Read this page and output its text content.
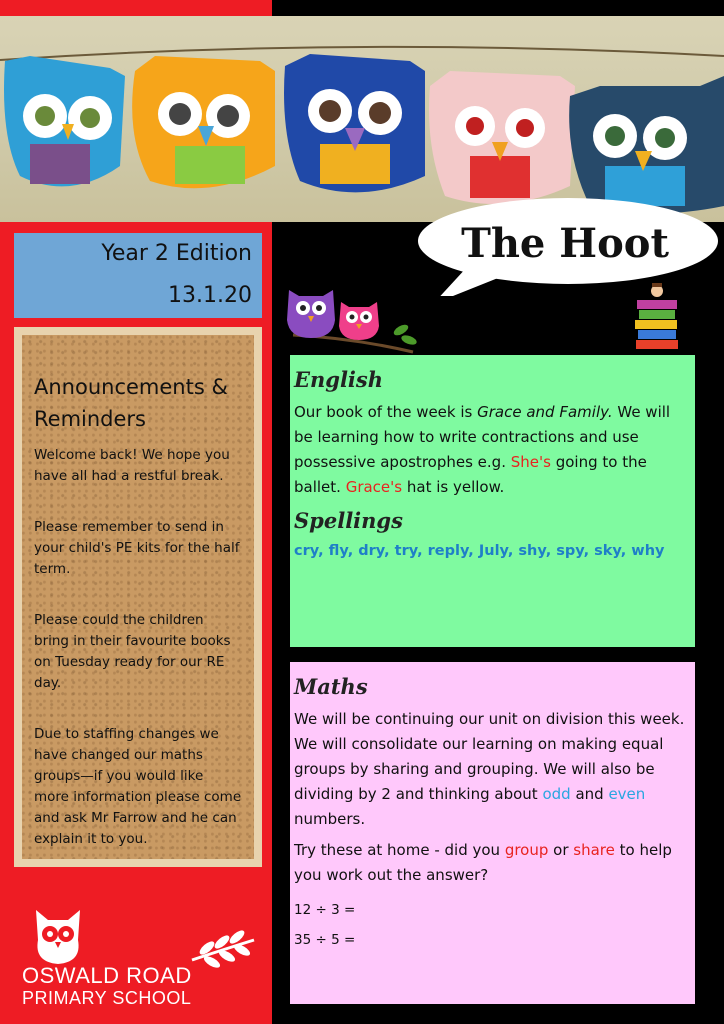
Year 2 Edition
13.1.20
Announcements & Reminders

Welcome back! We hope you have all had a restful break.

Please remember to send in your child's PE kits for the half term.

Please could the children bring in their favourite books on Tuesday ready for our RE day.

Due to staffing changes we have changed our maths groups—if you would like more information please come and ask Mr Farrow and he can explain it to you.

OSWALD ROAD
PRIMARY SCHOOL
The Hoot
English

Our book of the week is Grace and Family. We will be learning how to write contractions and use possessive apostrophes e.g. She's going to the ballet. Grace's hat is yellow.

Spellings
cry, fly, dry, try, reply, July, shy, spy, sky, why
Maths

We will be continuing our unit on division this week. We will consolidate our learning on making equal groups by sharing and grouping. We will also be dividing by 2 and thinking about odd and even numbers.

Try these at home - did you group or share to help you work out the answer?

12 ÷ 3 =

35 ÷ 5 =
